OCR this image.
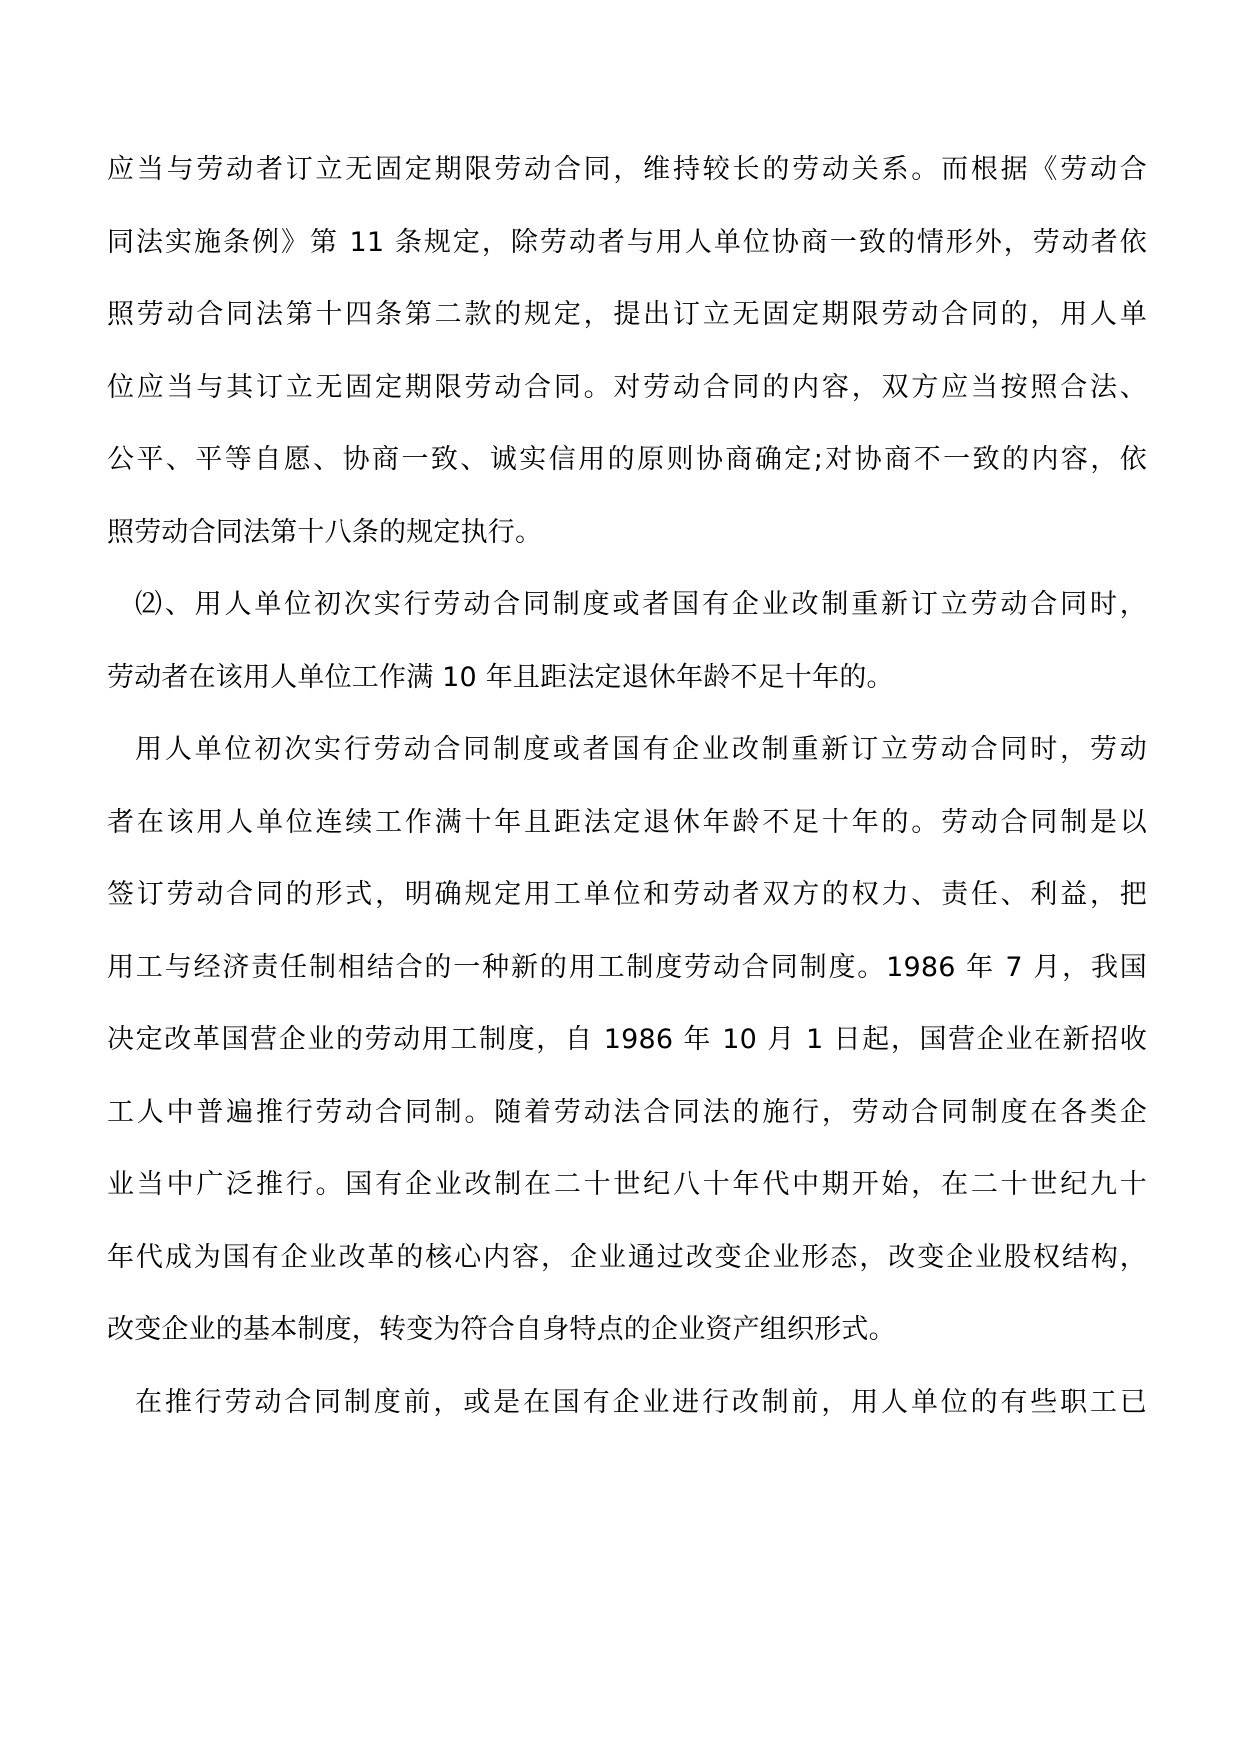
应当与劳动者订立无固定期限劳动合同，维持较长的劳动关系。而根据《劳动合
同法实施条例》第 11 条规定，除劳动者与用人单位协商一致的情形外，劳动者依
照劳动合同法第十四条第二款的规定，提出订立无固定期限劳动合同的，用人单
位应当与其订立无固定期限劳动合同。对劳动合同的内容，双方应当按照合法、
公平、平等自愿、协商一致、诚实信用的原则协商确定;对协商不一致的内容，依
照劳动合同法第十八条的规定执行。
⑵、用人单位初次实行劳动合同制度或者国有企业改制重新订立劳动合同时，
劳动者在该用人单位工作满 10 年且距法定退休年龄不足十年的。
用人单位初次实行劳动合同制度或者国有企业改制重新订立劳动合同时，劳动
者在该用人单位连续工作满十年且距法定退休年龄不足十年的。劳动合同制是以
签订劳动合同的形式，明确规定用工单位和劳动者双方的权力、责任、利益，把
用工与经济责任制相结合的一种新的用工制度劳动合同制度。1986 年 7 月，我国
决定改革国营企业的劳动用工制度，自 1986 年 10 月 1 日起，国营企业在新招收
工人中普遍推行劳动合同制。随着劳动法合同法的施行，劳动合同制度在各类企
业当中广泛推行。国有企业改制在二十世纪八十年代中期开始，在二十世纪九十
年代成为国有企业改革的核心内容，企业通过改变企业形态，改变企业股权结构，
改变企业的基本制度，转变为符合自身特点的企业资产组织形式。
在推行劳动合同制度前，或是在国有企业进行改制前，用人单位的有些职工已
